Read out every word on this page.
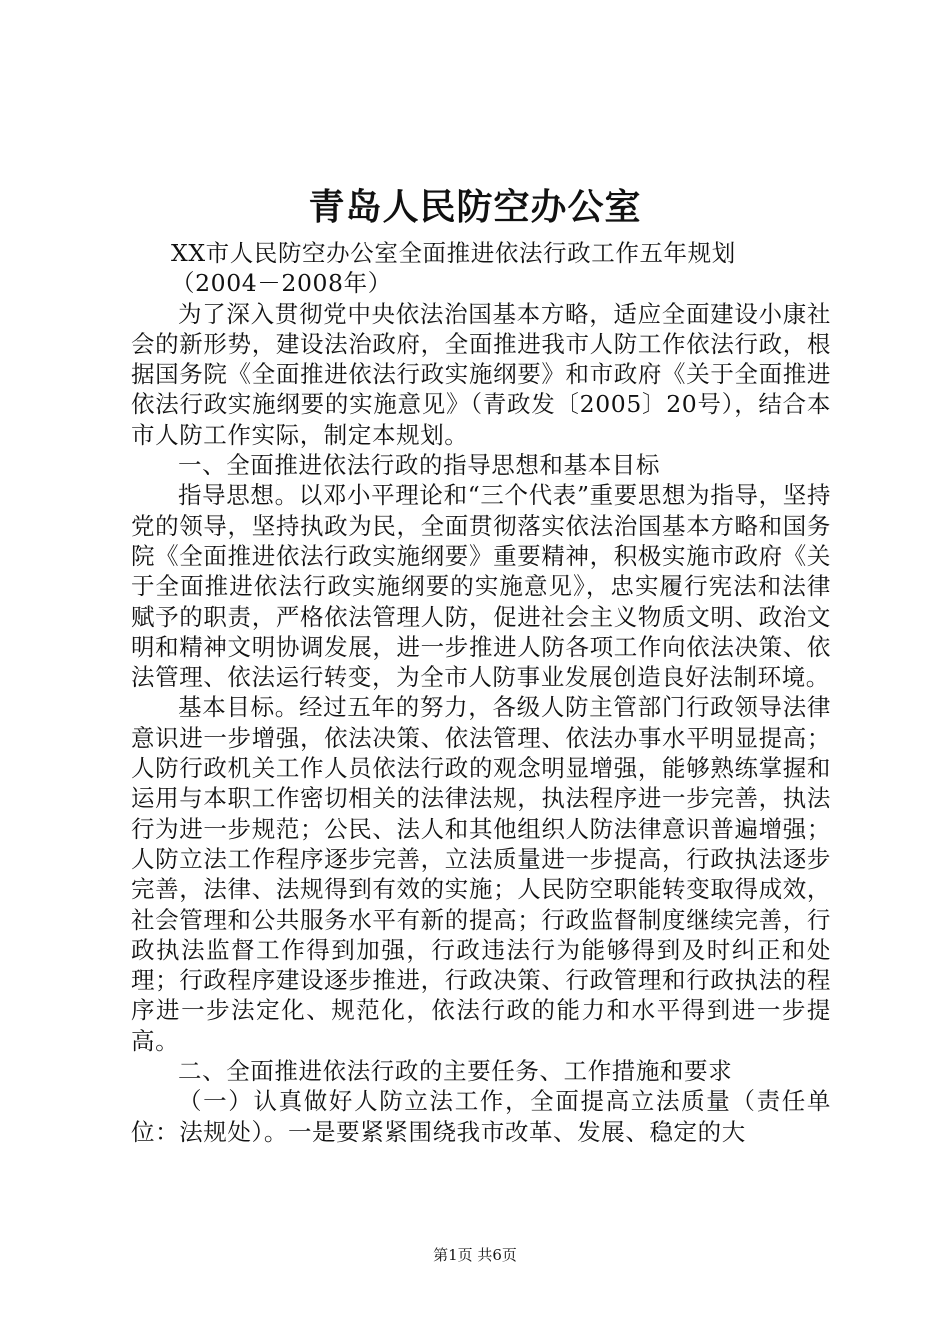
青岛人民防空办公室

XX市人民防空办公室全面推进依法行政工作五年规划

（2004－2008年）

为了深入贯彻党中央依法治国基本方略，适应全面建设小康社会的新形势，建设法治政府，全面推进我市人防工作依法行政，根据国务院《全面推进依法行政实施纲要》和市政府《关于全面推进依法行政实施纲要的实施意见》（青政发〔2005〕20号），结合本市人防工作实际，制定本规划。

一、全面推进依法行政的指导思想和基本目标

指导思想。以邓小平理论和“三个代表”重要思想为指导，坚持党的领导，坚持执政为民，全面贯彻落实依法治国基本方略和国务院《全面推进依法行政实施纲要》重要精神，积极实施市政府《关于全面推进依法行政实施纲要的实施意见》，忠实履行宪法和法律赋予的职责，严格依法管理人防，促进社会主义物质文明、政治文明和精神文明协调发展，进一步推进人防各项工作向依法决策、依法管理、依法运行转变，为全市人防事业发展创造良好法制环境。

基本目标。经过五年的努力，各级人防主管部门行政领导法律意识进一步增强，依法决策、依法管理、依法办事水平明显提高；人防行政机关工作人员依法行政的观念明显增强，能够熟练掌握和运用与本职工作密切相关的法律法规，执法程序进一步完善，执法行为进一步规范；公民、法人和其他组织人防法律意识普遍增强；人防立法工作程序逐步完善，立法质量进一步提高，行政执法逐步完善，法律、法规得到有效的实施；人民防空职能转变取得成效，社会管理和公共服务水平有新的提高；行政监督制度继续完善，行政执法监督工作得到加强，行政违法行为能够得到及时纠正和处理；行政程序建设逐步推进，行政决策、行政管理和行政执法的程序进一步法定化、规范化，依法行政的能力和水平得到进一步提高。

二、全面推进依法行政的主要任务、工作措施和要求

（一）认真做好人防立法工作，全面提高立法质量（责任单位：法规处）。一是要紧紧围绕我市改革、发展、稳定的大

第1页 共6页
